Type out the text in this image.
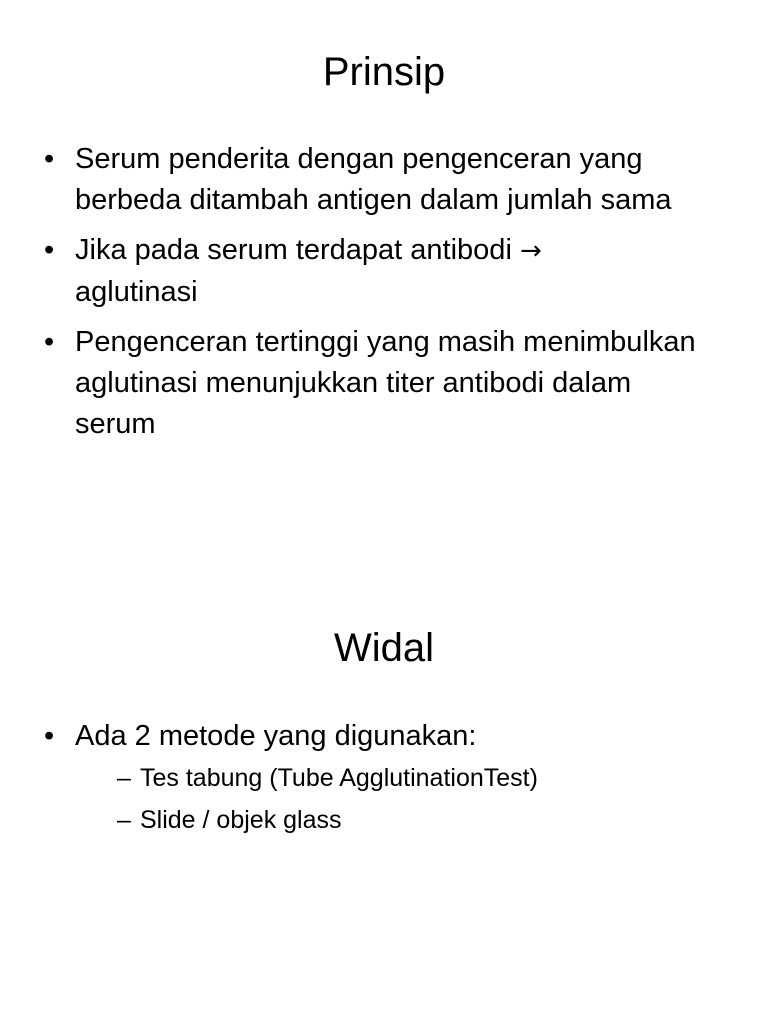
Prinsip
• Serum penderita dengan pengenceran yang berbeda ditambah antigen dalam jumlah sama
• Jika pada serum terdapat antibodi →
aglutinasi
• Pengenceran tertinggi yang masih menimbulkan aglutinasi menunjukkan titer antibodi dalam serum
Widal
• Ada 2 metode yang digunakan:
– Tes tabung (Tube AgglutinationTest)
– Slide / objek glass
